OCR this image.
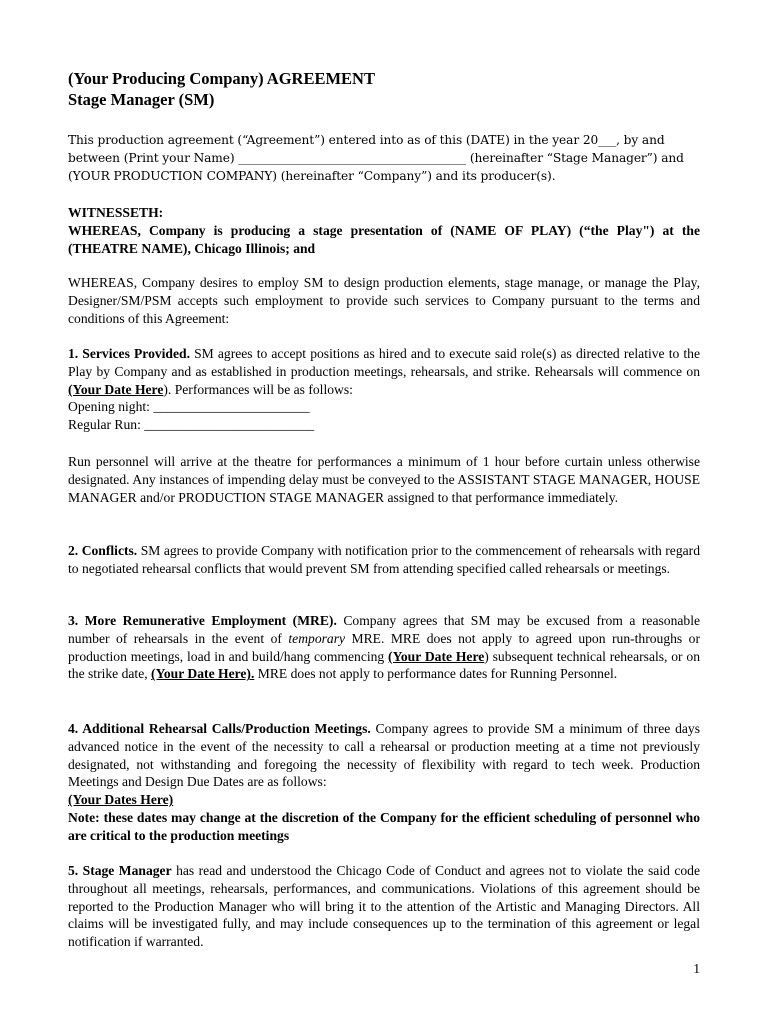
(Your Producing Company) AGREEMENT
Stage Manager (SM)

This production agreement (“Agreement”) entered into as of this (DATE) in the year 20___, by and

between (Print your Name) ______________________________________ (hereinafter “Stage Manager”) and

(YOUR PRODUCTION COMPANY) (hereinafter “Company”) and its producer(s).

WITNESSETH:

WHEREAS, Company is producing a stage presentation of (NAME OF PLAY) (“the Play") at the (THEATRE NAME), Chicago Illinois; and

WHEREAS, Company desires to employ SM to design production elements, stage manage, or manage the Play, Designer/SM/PSM accepts such employment to provide such services to Company pursuant to the terms and conditions of this Agreement:

1. Services Provided. SM agrees to accept positions as hired and to execute said role(s) as directed relative to the Play by Company and as established in production meetings, rehearsals, and strike. Rehearsals will commence on (Your Date Here). Performances will be as follows:

Opening night: _______________________

Regular Run: _________________________

Run personnel will arrive at the theatre for performances a minimum of 1 hour before curtain unless otherwise designated. Any instances of impending delay must be conveyed to the ASSISTANT STAGE MANAGER, HOUSE MANAGER and/or PRODUCTION STAGE MANAGER assigned to that performance immediately.

2. Conflicts. SM agrees to provide Company with notification prior to the commencement of rehearsals with regard to negotiated rehearsal conflicts that would prevent SM from attending specified called rehearsals or meetings.

3. More Remunerative Employment (MRE). Company agrees that SM may be excused from a reasonable number of rehearsals in the event of temporary MRE. MRE does not apply to agreed upon run-throughs or production meetings, load in and build/hang commencing (Your Date Here) subsequent technical rehearsals, or on the strike date, (Your Date Here). MRE does not apply to performance dates for Running Personnel.

4. Additional Rehearsal Calls/Production Meetings. Company agrees to provide SM a minimum of three days advanced notice in the event of the necessity to call a rehearsal or production meeting at a time not previously designated, not withstanding and foregoing the necessity of flexibility with regard to tech week. Production Meetings and Design Due Dates are as follows:

(Your Dates Here)

Note: these dates may change at the discretion of the Company for the efficient scheduling of personnel who are critical to the production meetings

5. Stage Manager has read and understood the Chicago Code of Conduct and agrees not to violate the said code throughout all meetings, rehearsals, performances, and communications. Violations of this agreement should be reported to the Production Manager who will bring it to the attention of the Artistic and Managing Directors. All claims will be investigated fully, and may include consequences up to the termination of this agreement or legal notification if warranted.

1
